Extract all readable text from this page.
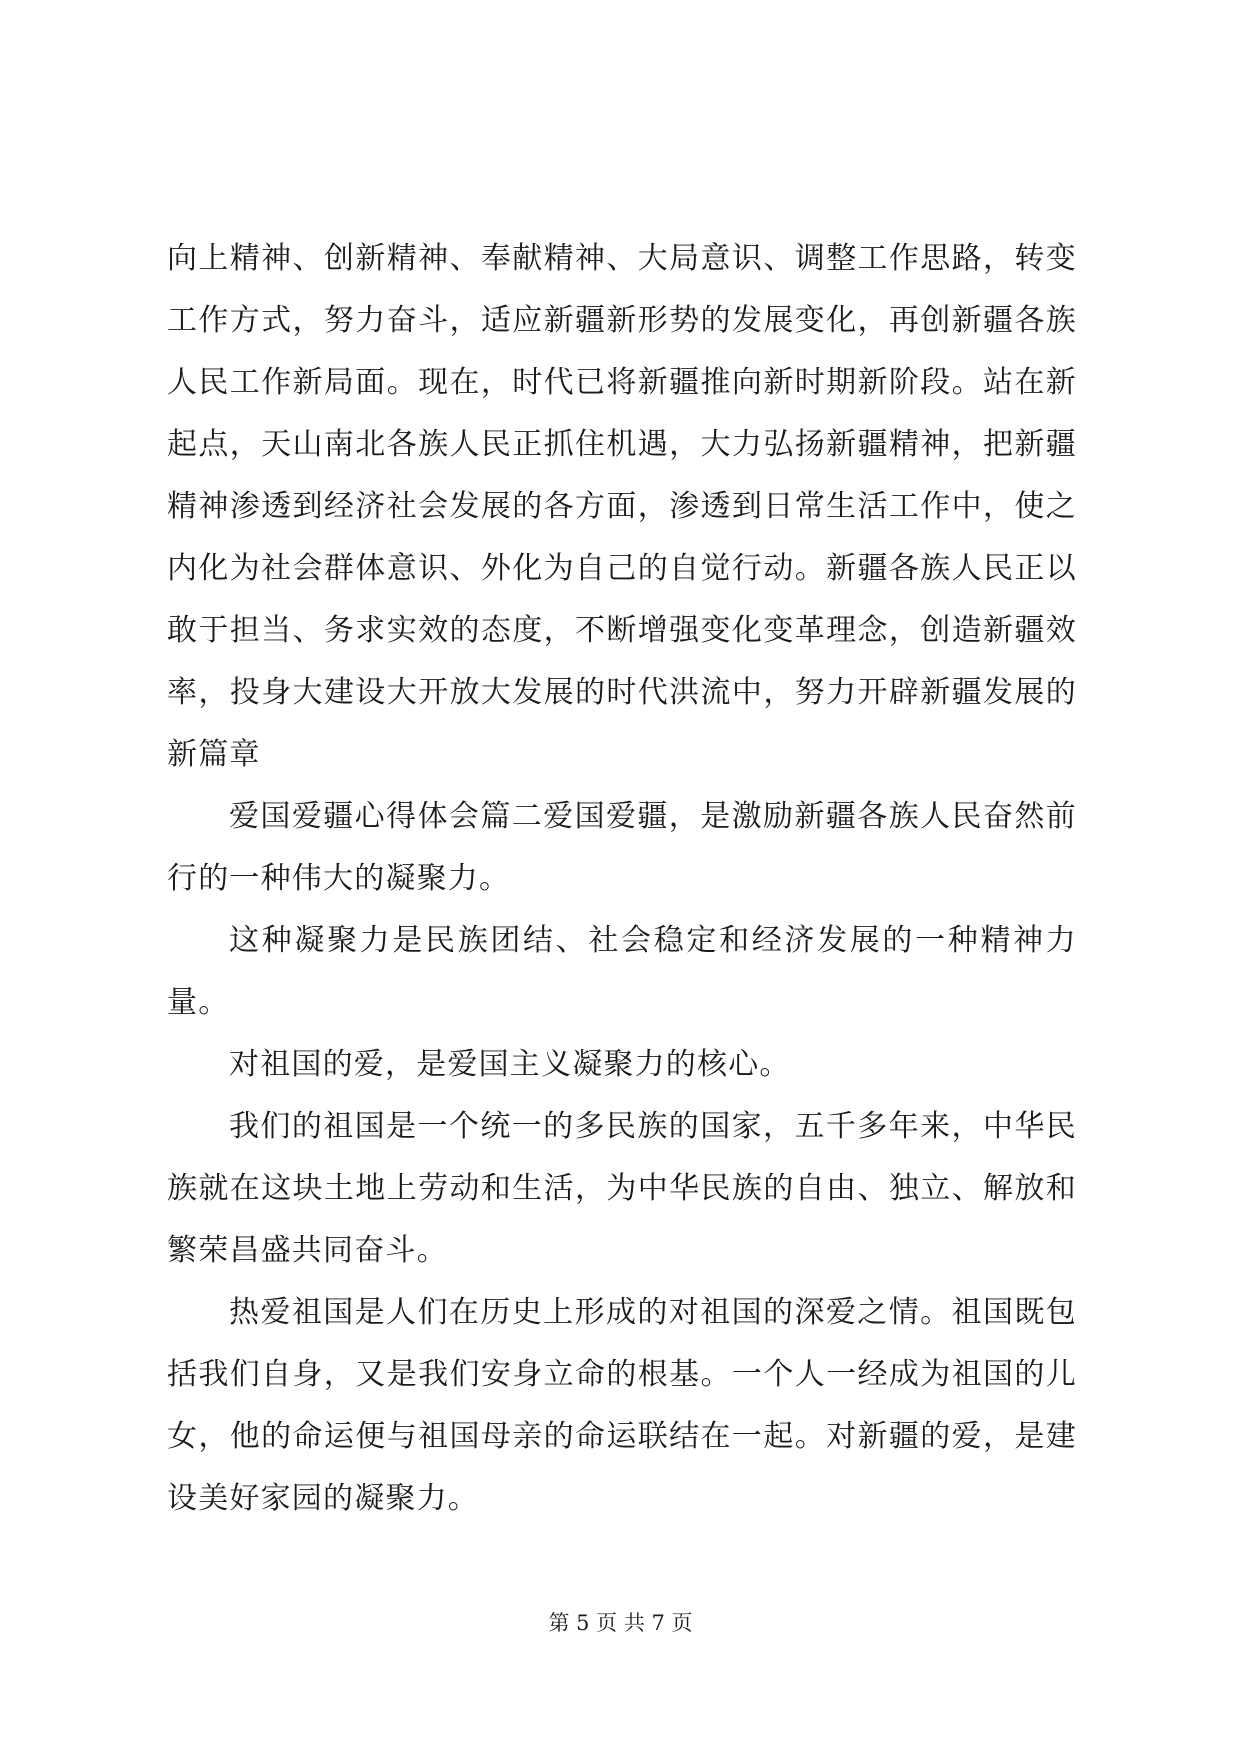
向上精神、创新精神、奉献精神、大局意识、调整工作思路，转变工作方式，努力奋斗，适应新疆新形势的发展变化，再创新疆各族人民工作新局面。现在，时代已将新疆推向新时期新阶段。站在新起点，天山南北各族人民正抓住机遇，大力弘扬新疆精神，把新疆精神渗透到经济社会发展的各方面，渗透到日常生活工作中，使之内化为社会群体意识、外化为自己的自觉行动。新疆各族人民正以敢于担当、务求实效的态度，不断增强变化变革理念，创造新疆效率，投身大建设大开放大发展的时代洪流中，努力开辟新疆发展的新篇章

爱国爱疆心得体会篇二爱国爱疆，是激励新疆各族人民奋然前行的一种伟大的凝聚力。

这种凝聚力是民族团结、社会稳定和经济发展的一种精神力量。

对祖国的爱，是爱国主义凝聚力的核心。

我们的祖国是一个统一的多民族的国家，五千多年来，中华民族就在这块土地上劳动和生活，为中华民族的自由、独立、解放和繁荣昌盛共同奋斗。

热爱祖国是人们在历史上形成的对祖国的深爱之情。祖国既包括我们自身，又是我们安身立命的根基。一个人一经成为祖国的儿女，他的命运便与祖国母亲的命运联结在一起。对新疆的爱，是建设美好家园的凝聚力。

第 5 页 共 7 页
